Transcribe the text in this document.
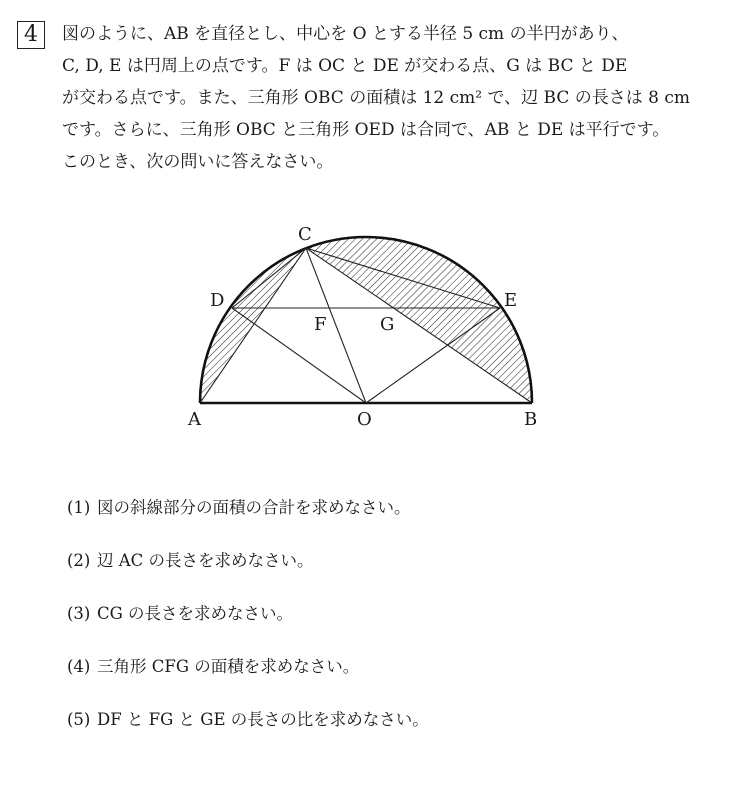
4	図のように、AB を直径とし、中心を O とする半径 5 cm の半円があり、

C, D, E は円周上の点です。F は OC と DE が交わる点、G は BC と DE

が交わる点です。また、三角形 OBC の面積は 12 cm² で、辺 BC の長さは 8 cm

です。さらに、三角形 OBC と三角形 OED は合同で、AB と DE は平行です。

このとき、次の問いに答えなさい。

A	B
C
D	E
F	G
O
(1) 図の斜線部分の面積の合計を求めなさい。
(2) 辺 AC の長さを求めなさい。
(3) CG の長さを求めなさい。
(4) 三角形 CFG の面積を求めなさい。
(5) DF と FG と GE の長さの比を求めなさい。
